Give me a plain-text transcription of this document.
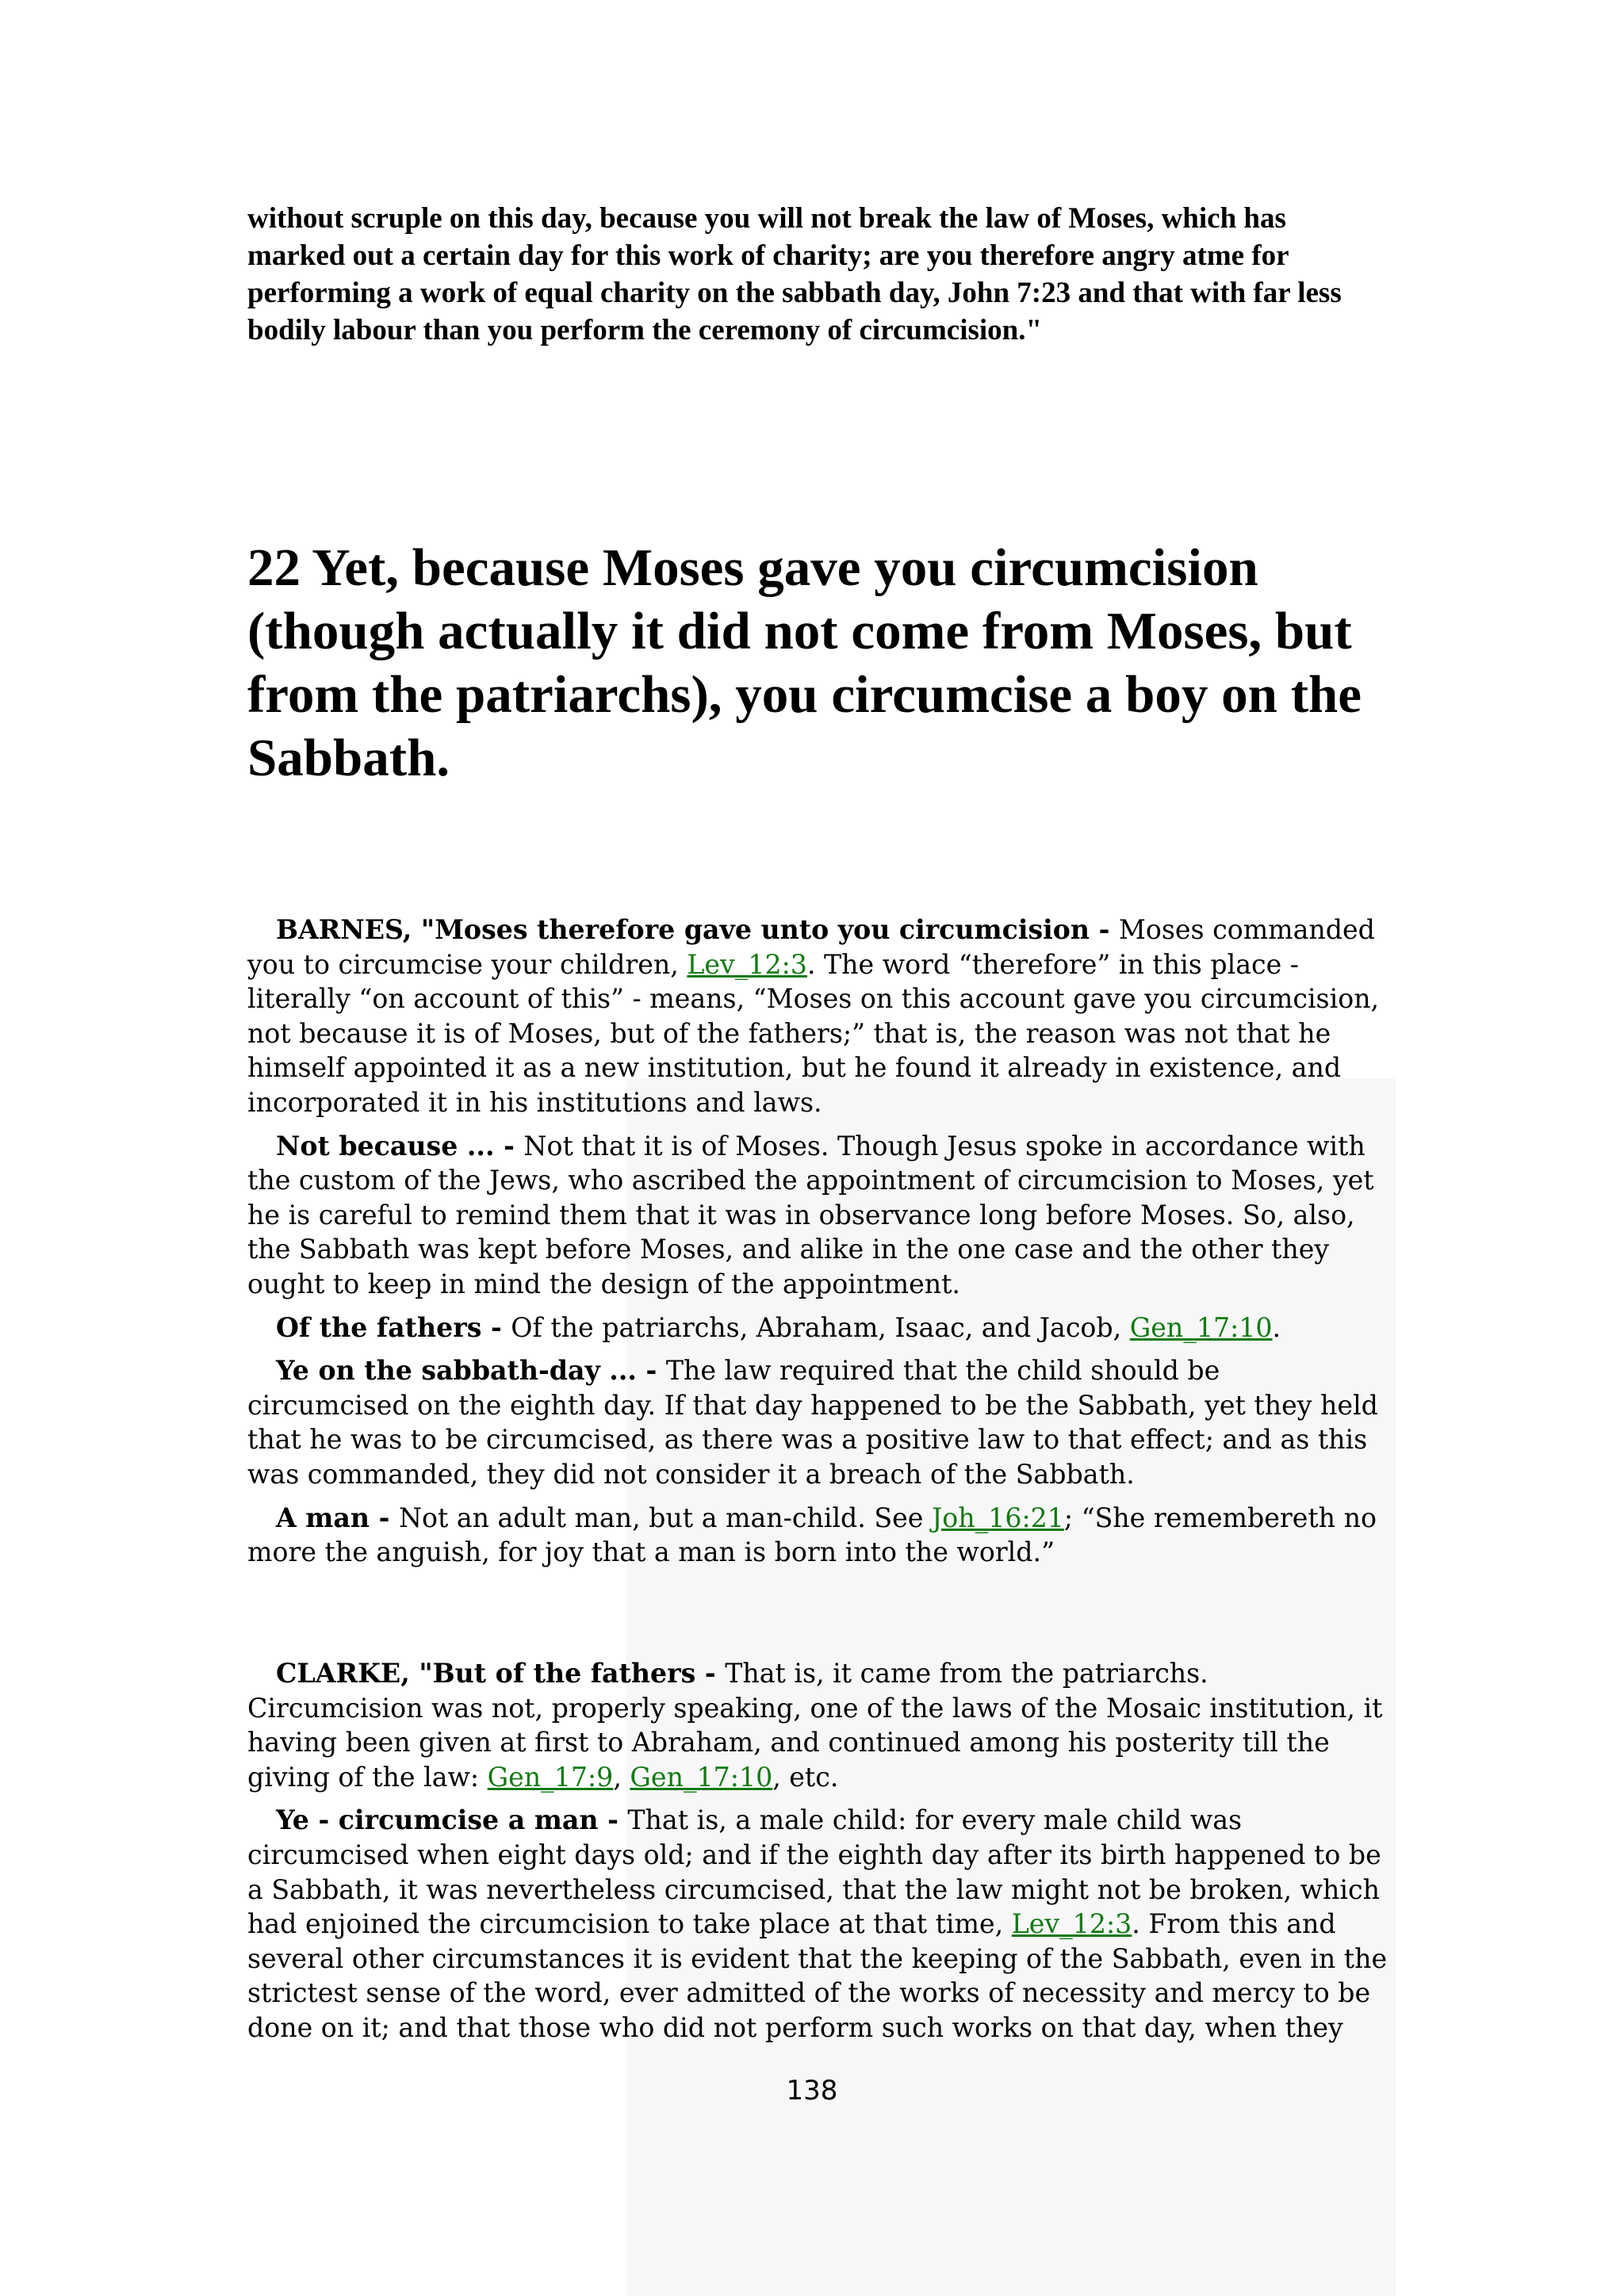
without scruple on this day, because you will not break the law of Moses, which has marked out a certain day for this work of charity; are you therefore angry atme for performing a work of equal charity on the sabbath day, John 7:23 and that with far less bodily labour than you perform the ceremony of circumcision."
22 Yet, because Moses gave you circumcision (though actually it did not come from Moses, but from the patriarchs), you circumcise a boy on the Sabbath.

BARNES, "Moses therefore gave unto you circumcision - Moses commanded you to circumcise your children, Lev_12:3. The word “therefore” in this place - literally “on account of this” - means, “Moses on this account gave you circumcision, not because it is of Moses, but of the fathers;” that is, the reason was not that he himself appointed it as a new institution, but he found it already in existence, and incorporated it in his institutions and laws.

Not because ... - Not that it is of Moses. Though Jesus spoke in accordance with the custom of the Jews, who ascribed the appointment of circumcision to Moses, yet he is careful to remind them that it was in observance long before Moses. So, also, the Sabbath was kept before Moses, and alike in the one case and the other they ought to keep in mind the design of the appointment.

Of the fathers - Of the patriarchs, Abraham, Isaac, and Jacob, Gen_17:10.

Ye on the sabbath-day ... - The law required that the child should be circumcised on the eighth day. If that day happened to be the Sabbath, yet they held that he was to be circumcised, as there was a positive law to that effect; and as this was commanded, they did not consider it a breach of the Sabbath.

A man - Not an adult man, but a man-child. See Joh_16:21; “She remembereth no more the anguish, for joy that a man is born into the world.”

CLARKE, "But of the fathers - That is, it came from the patriarchs. Circumcision was not, properly speaking, one of the laws of the Mosaic institution, it having been given at first to Abraham, and continued among his posterity till the giving of the law: Gen_17:9, Gen_17:10, etc.

Ye - circumcise a man - That is, a male child: for every male child was circumcised when eight days old; and if the eighth day after its birth happened to be a Sabbath, it was nevertheless circumcised, that the law might not be broken, which had enjoined the circumcision to take place at that time, Lev_12:3. From this and several other circumstances it is evident that the keeping of the Sabbath, even in the strictest sense of the word, ever admitted of the works of necessity and mercy to be done on it; and that those who did not perform such works on that day, when they

138
